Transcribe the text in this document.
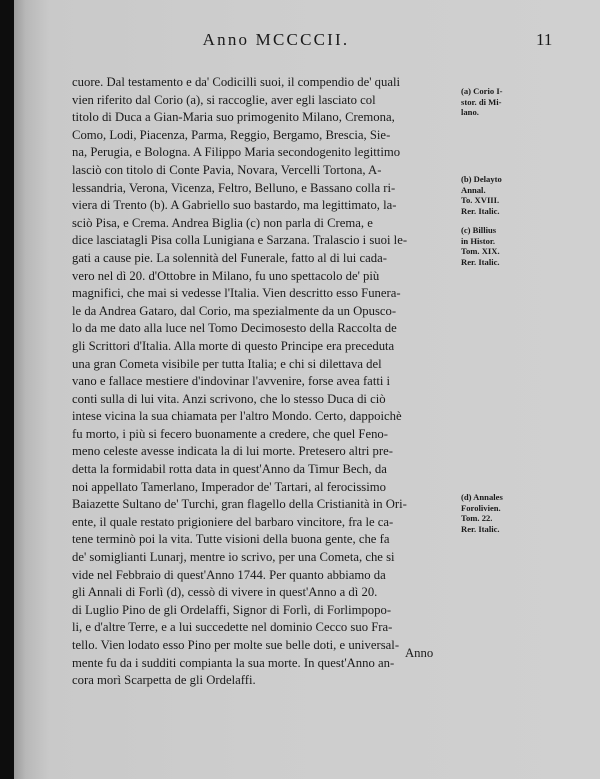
Anno MCCCCII.	11

cuore. Dal testamento e da' Codicilli suoi, il compendio de' quali

vien riferito dal Corio (a), si raccoglie, aver egli lasciato col

titolo di Duca a Gian-Maria suo primogenito Milano, Cremona,

Como, Lodi, Piacenza, Parma, Reggio, Bergamo, Brescia, Sie-

na, Perugia, e Bologna. A Filippo Maria secondogenito legittimo

lasciò con titolo di Conte Pavia, Novara, Vercelli Tortona, A-

lessandria, Verona, Vicenza, Feltro, Belluno, e Bassano colla ri-

viera di Trento (b). A Gabriello suo bastardo, ma legittimato, la-

sciò Pisa, e Crema. Andrea Biglia (c) non parla di Crema, e

dice lasciatagli Pisa colla Lunigiana e Sarzana. Tralascio i suoi le-

gati a cause pie. La solennità del Funerale, fatto al di lui cada-

vero nel dì 20. d'Ottobre in Milano, fu uno spettacolo de' più

magnifici, che mai si vedesse l'Italia. Vien descritto esso Funera-

le da Andrea Gataro, dal Corio, ma spezialmente da un Opusco-

lo da me dato alla luce nel Tomo Decimosesto della Raccolta de

gli Scrittori d'Italia. Alla morte di questo Principe era preceduta

una gran Cometa visibile per tutta Italia; e chi si dilettava del

vano e fallace mestiere d'indovinar l'avvenire, forse avea fatti i

conti sulla di lui vita. Anzi scrivono, che lo stesso Duca di ciò

intese vicina la sua chiamata per l'altro Mondo. Certo, dappoichè

fu morto, i più si fecero buonamente a credere, che quel Feno-

meno celeste avesse indicata la di lui morte. Pretesero altri pre-

detta la formidabil rotta data in quest'Anno da Timur Bech, da

noi appellato Tamerlano, Imperador de' Tartari, al ferocissimo

Baiazette Sultano de' Turchi, gran flagello della Cristianità in Ori-

ente, il quale restato prigioniere del barbaro vincitore, fra le ca-

tene terminò poi la vita. Tutte visioni della buona gente, che fa

de' somiglianti Lunarj, mentre io scrivo, per una Cometa, che si

vide nel Febbraio di quest'Anno 1744. Per quanto abbiamo da

gli Annali di Forlì (d), cessò di vivere in quest'Anno a dì 20.

di Luglio Pino de gli Ordelaffi, Signor di Forlì, di Forlimpopo-

li, e d'altre Terre, e a lui succedette nel dominio Cecco suo Fra-

tello. Vien lodato esso Pino per molte sue belle doti, e universal-

mente fu da i sudditi compianta la sua morte. In quest'Anno an-

cora morì Scarpetta de gli Ordelaffi.

(a) Corio I-
stor. di Mi-
lano.
(b) Delayto
Annal.
To. XVIII.
Rer. Italic.
(c) Billius
in Histor.
Tom. XIX.
Rer. Italic.
(d) Annales
Forolivien.
Tom. 22.
Rer. Italic.
Anno
